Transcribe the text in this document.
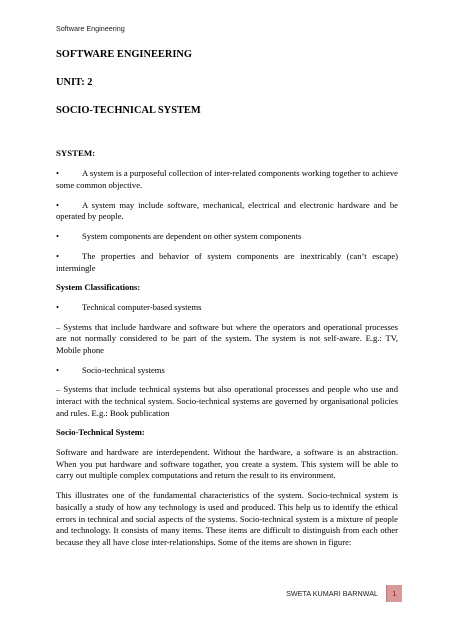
Software Engineering
SOFTWARE ENGINEERING
UNIT: 2
SOCIO-TECHNICAL SYSTEM
SYSTEM:
•	A system is a purposeful collection of inter-related components working together to achieve some common objective.
•	A system may include software, mechanical, electrical and electronic hardware and be operated by people.
•	System components are dependent on other system components
•	The properties and behavior of system components are inextricably (can’t escape) intermingle
System Classifications:
•	Technical computer-based systems

– Systems that include hardware and software but where the operators and operational processes are not normally considered to be part of the system. The system is not self-aware. E.g.: TV, Mobile phone

•	Socio-technical systems

– Systems that include technical systems but also operational processes and people who use and interact with the technical system. Socio-technical systems are governed by organisational policies and rules. E.g.: Book publication

Socio-Technical System:

Software and hardware are interdependent. Without the hardware, a software is an abstraction. When you put hardware and software togather, you create a system. This system will be able to carry out multiple complex computations and return the result to its environment.

This illustrates one of the fundamental characteristics of the system. Socio-technical system is basically a study of how any technology is used and produced. This help us to identify the ethical errors in technical and social aspects of the systems. Socio-technical system is a mixture of people and technology. It consists of many items. These items are difficult to distinguish from each other because they all have close inter-relationships. Some of the items are shown in figure:

SWETA KUMARI BARNWAL	1
